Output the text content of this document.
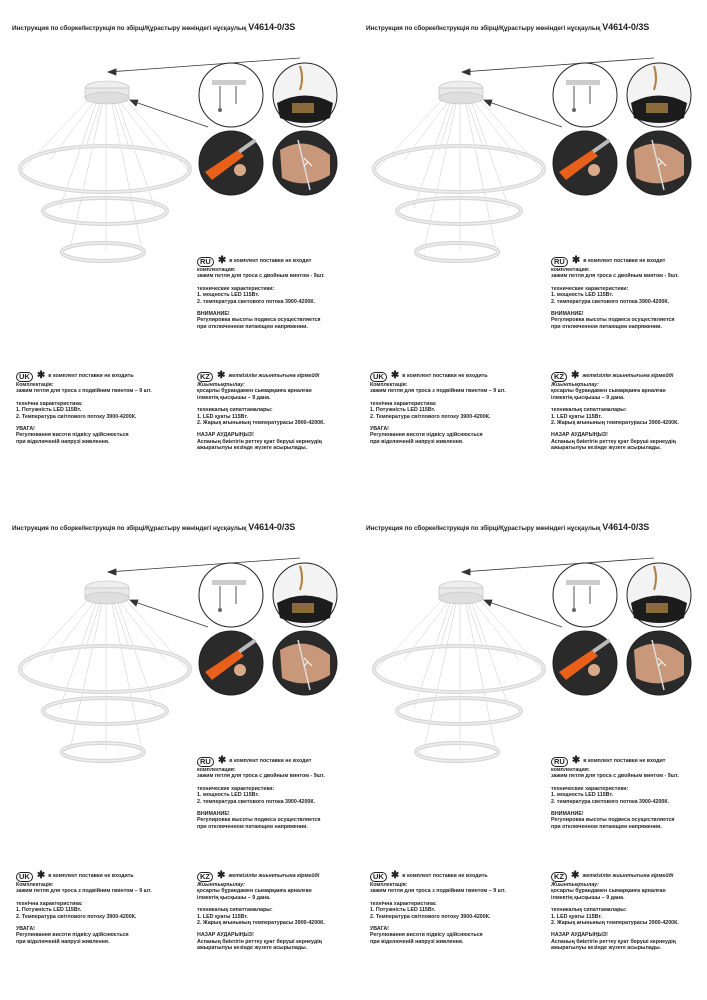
Инструкция по сборке/Інструкція по збірці/Құрастыру жөніндегі нұсқаулық V4614-0/3S
RU ✱ в комплект поставки не входит
комплектация:
зажим петля для троса с двойным винтом - 9шт.
технические характеристики:
1. мощность LED 115Вт.
2. температура светового потока 3900-4200К.
ВНИМАНИЕ!
Регулировка высоты подвеса осуществляется
при отключенном питающем напряжении.
UK ✱ в комплект поставки не входить
Комплектація:
зажим петля для троса з подвійним гвинтом – 9 шт.
технічна характеристика:
1. Потужність LED 115Вт.
2. Температура світлового потоку 3900-4200К.
УВАГА!
Регулювання висоти підвісу здійснюється
при відключеній напрузі живлення.
KZ ✱ жеткізілім жиынтығына кірмейді
Жиынтықтылау:
қосарлы бұрандамен сымарқанға арналған
ілмектің қысқышы – 9 дана.
техникалық сипаттамалары:
1. LED қуаты 115Вт.
2. Жарық ағынының температурасы 3900-4200К.
НАЗАР АУДАРЫҢЫЗ!
Аспаның биіктігін реттеу қуат беруші кернеудің
ажыратылуы кезінде жүзеге асырылады.
Инструкция по сборке/Інструкція по збірці/Құрастыру жөніндегі нұсқаулық V4614-0/3S
RU ✱ в комплект поставки не входит
комплектация:
зажим петля для троса с двойным винтом - 9шт.
технические характеристики:
1. мощность LED 115Вт.
2. температура светового потока 3900-4200К.
ВНИМАНИЕ!
Регулировка высоты подвеса осуществляется
при отключенном питающем напряжении.
UK ✱ в комплект поставки не входить
Комплектація:
зажим петля для троса з подвійним гвинтом – 9 шт.
технічна характеристика:
1. Потужність LED 115Вт.
2. Температура світлового потоку 3900-4200К.
УВАГА!
Регулювання висоти підвісу здійснюється
при відключеній напрузі живлення.
KZ ✱ жеткізілім жиынтығына кірмейді
Жиынтықтылау:
қосарлы бұрандамен сымарқанға арналған
ілмектің қысқышы – 9 дана.
техникалық сипаттамалары:
1. LED қуаты 115Вт.
2. Жарық ағынының температурасы 3900-4200К.
НАЗАР АУДАРЫҢЫЗ!
Аспаның биіктігін реттеу қуат беруші кернеудің
ажыратылуы кезінде жүзеге асырылады.
Инструкция по сборке/Інструкція по збірці/Құрастыру жөніндегі нұсқаулық V4614-0/3S
RU ✱ в комплект поставки не входит
комплектация:
зажим петля для троса с двойным винтом - 9шт.
технические характеристики:
1. мощность LED 115Вт.
2. температура светового потока 3900-4200К.
ВНИМАНИЕ!
Регулировка высоты подвеса осуществляется
при отключенном питающем напряжении.
UK ✱ в комплект поставки не входить
Комплектація:
зажим петля для троса з подвійним гвинтом – 9 шт.
технічна характеристика:
1. Потужність LED 115Вт.
2. Температура світлового потоку 3900-4200К.
УВАГА!
Регулювання висоти підвісу здійснюється
при відключеній напрузі живлення.
KZ ✱ жеткізілім жиынтығына кірмейді
Жиынтықтылау:
қосарлы бұрандамен сымарқанға арналған
ілмектің қысқышы – 9 дана.
техникалық сипаттамалары:
1. LED қуаты 115Вт.
2. Жарық ағынының температурасы 3900-4200К.
НАЗАР АУДАРЫҢЫЗ!
Аспаның биіктігін реттеу қуат беруші кернеудің
ажыратылуы кезінде жүзеге асырылады.
Инструкция по сборке/Інструкція по збірці/Құрастыру жөніндегі нұсқаулық V4614-0/3S
RU ✱ в комплект поставки не входит
комплектация:
зажим петля для троса с двойным винтом - 9шт.
технические характеристики:
1. мощность LED 115Вт.
2. температура светового потока 3900-4200К.
ВНИМАНИЕ!
Регулировка высоты подвеса осуществляется
при отключенном питающем напряжении.
UK ✱ в комплект поставки не входить
Комплектація:
зажим петля для троса з подвійним гвинтом – 9 шт.
технічна характеристика:
1. Потужність LED 115Вт.
2. Температура світлового потоку 3900-4200К.
УВАГА!
Регулювання висоти підвісу здійснюється
при відключеній напрузі живлення.
KZ ✱ жеткізілім жиынтығына кірмейді
Жиынтықтылау:
қосарлы бұрандамен сымарқанға арналған
ілмектің қысқышы – 9 дана.
техникалық сипаттамалары:
1. LED қуаты 115Вт.
2. Жарық ағынының температурасы 3900-4200К.
НАЗАР АУДАРЫҢЫЗ!
Аспаның биіктігін реттеу қуат беруші кернеудің
ажыратылуы кезінде жүзеге асырылады.
